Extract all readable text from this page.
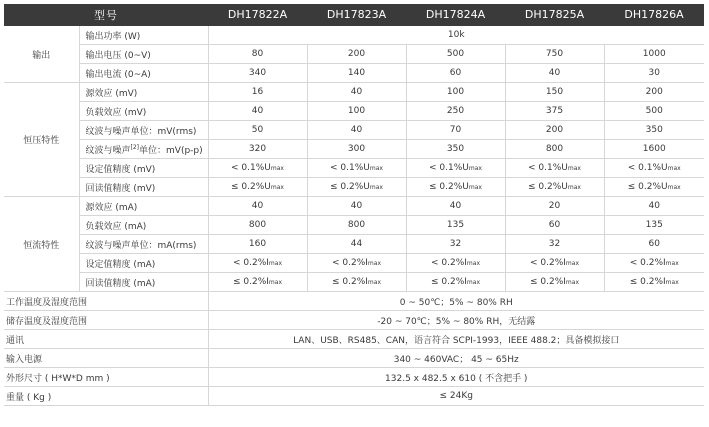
型号		DH17822A	DH17823A	DH17824A	DH17825A	DH17826A
输出	输出功率 (W)	10k				
	输出电压 (0~V)	80	200	500	750	1000
	输出电流 (0~A)	340	140	60	40	30
恒压特性	源效应 (mV)	16	40	100	150	200
	负载效应 (mV)	40	100	250	375	500
	纹波与噪声单位：mV(rms)	50	40	70	200	350
	纹波与噪声[2]单位：mV(p-p)	320	300	350	800	1600
	设定值精度 (mV)	< 0.1%Umax	< 0.1%Umax	< 0.1%Umax	< 0.1%Umax	< 0.1%Umax
	回读值精度 (mV)	≤ 0.2%Umax	≤ 0.2%Umax	≤ 0.2%Umax	≤ 0.2%Umax	≤ 0.2%Umax
恒流特性	源效应 (mA)	40	40	40	20	40
	负载效应 (mA)	800	800	135	60	135
	纹波与噪声单位：mA(rms)	160	44	32	32	60
	设定值精度 (mA)	< 0.2%Imax	< 0.2%Imax	< 0.2%Imax	< 0.2%Imax	< 0.2%Imax
	回读值精度 (mA)	≤ 0.2%Imax	≤ 0.2%Imax	≤ 0.2%Imax	≤ 0.2%Imax	≤ 0.2%Imax
工作温度及湿度范围		0 ~ 50℃；5% ~ 80% RH				
储存温度及湿度范围		-20 ~ 70℃；5% ~ 80% RH，无结露				
通讯		LAN、USB、RS485、CAN，语言符合 SCPI-1993，IEEE 488.2；具备模拟接口				
输入电源		340 ~ 460VAC； 45 ~ 65Hz				
外形尺寸 ( H*W*D mm )		132.5 x 482.5 x 610 ( 不含把手 )				
重量 ( Kg )		≤ 24Kg				
